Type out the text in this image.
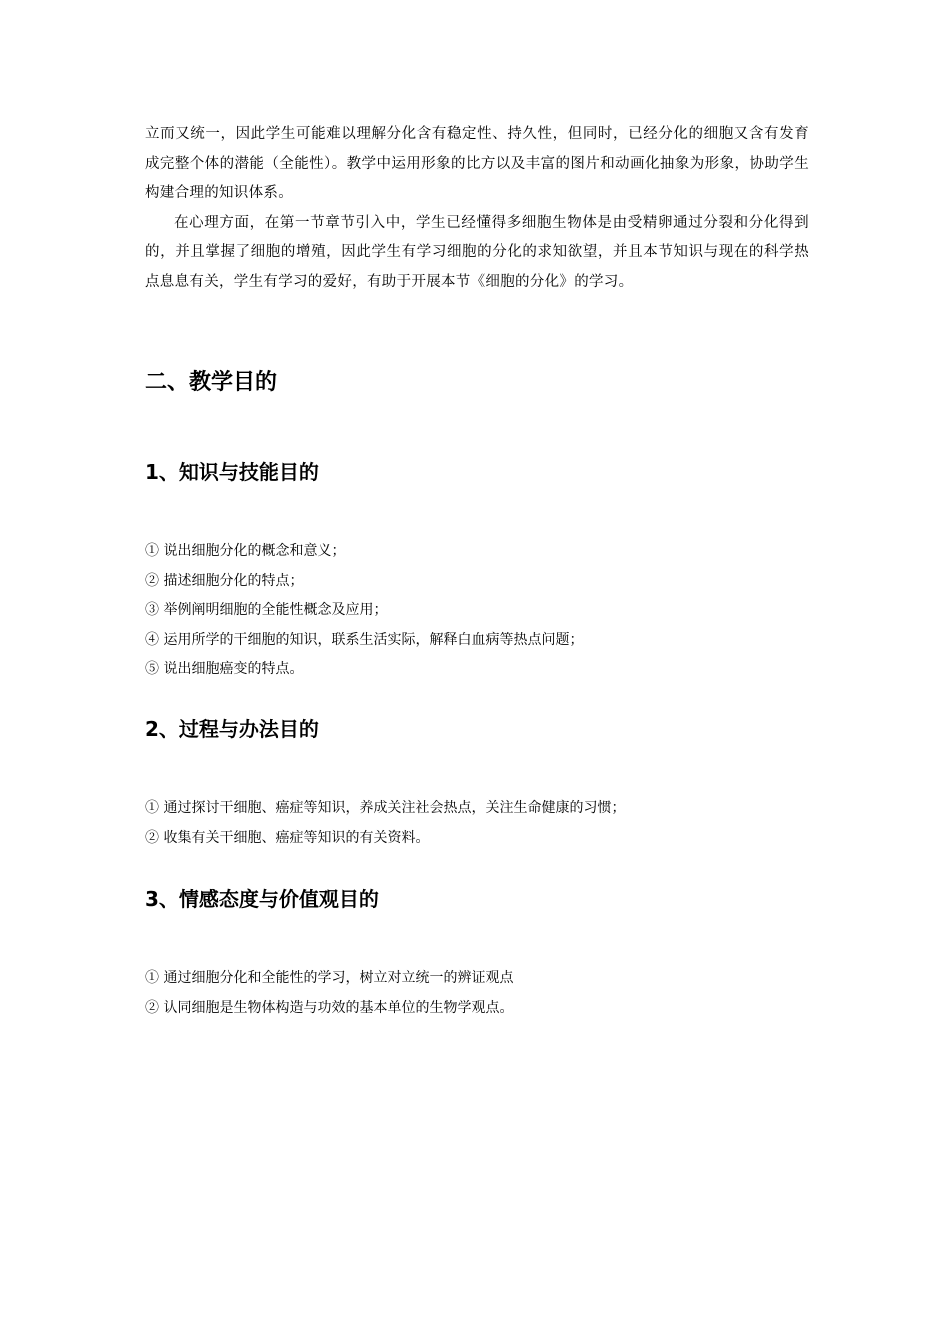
立而又统一，因此学生可能难以理解分化含有稳定性、持久性，但同时，已经分化的细胞又含有发育成完整个体的潜能（全能性）。教学中运用形象的比方以及丰富的图片和动画化抽象为形象，协助学生构建合理的知识体系。

在心理方面，在第一节章节引入中，学生已经懂得多细胞生物体是由受精卵通过分裂和分化得到的，并且掌握了细胞的增殖，因此学生有学习细胞的分化的求知欲望，并且本节知识与现在的科学热点息息有关，学生有学习的爱好，有助于开展本节《细胞的分化》的学习。

二、教学目的
1、知识与技能目的
① 说出细胞分化的概念和意义；
② 描述细胞分化的特点；
③ 举例阐明细胞的全能性概念及应用；
④ 运用所学的干细胞的知识，联系生活实际，解释白血病等热点问题；
⑤ 说出细胞癌变的特点。
2、过程与办法目的
① 通过探讨干细胞、癌症等知识，养成关注社会热点，关注生命健康的习惯；
② 收集有关干细胞、癌症等知识的有关资料。
3、情感态度与价值观目的
① 通过细胞分化和全能性的学习，树立对立统一的辨证观点
② 认同细胞是生物体构造与功效的基本单位的生物学观点。
